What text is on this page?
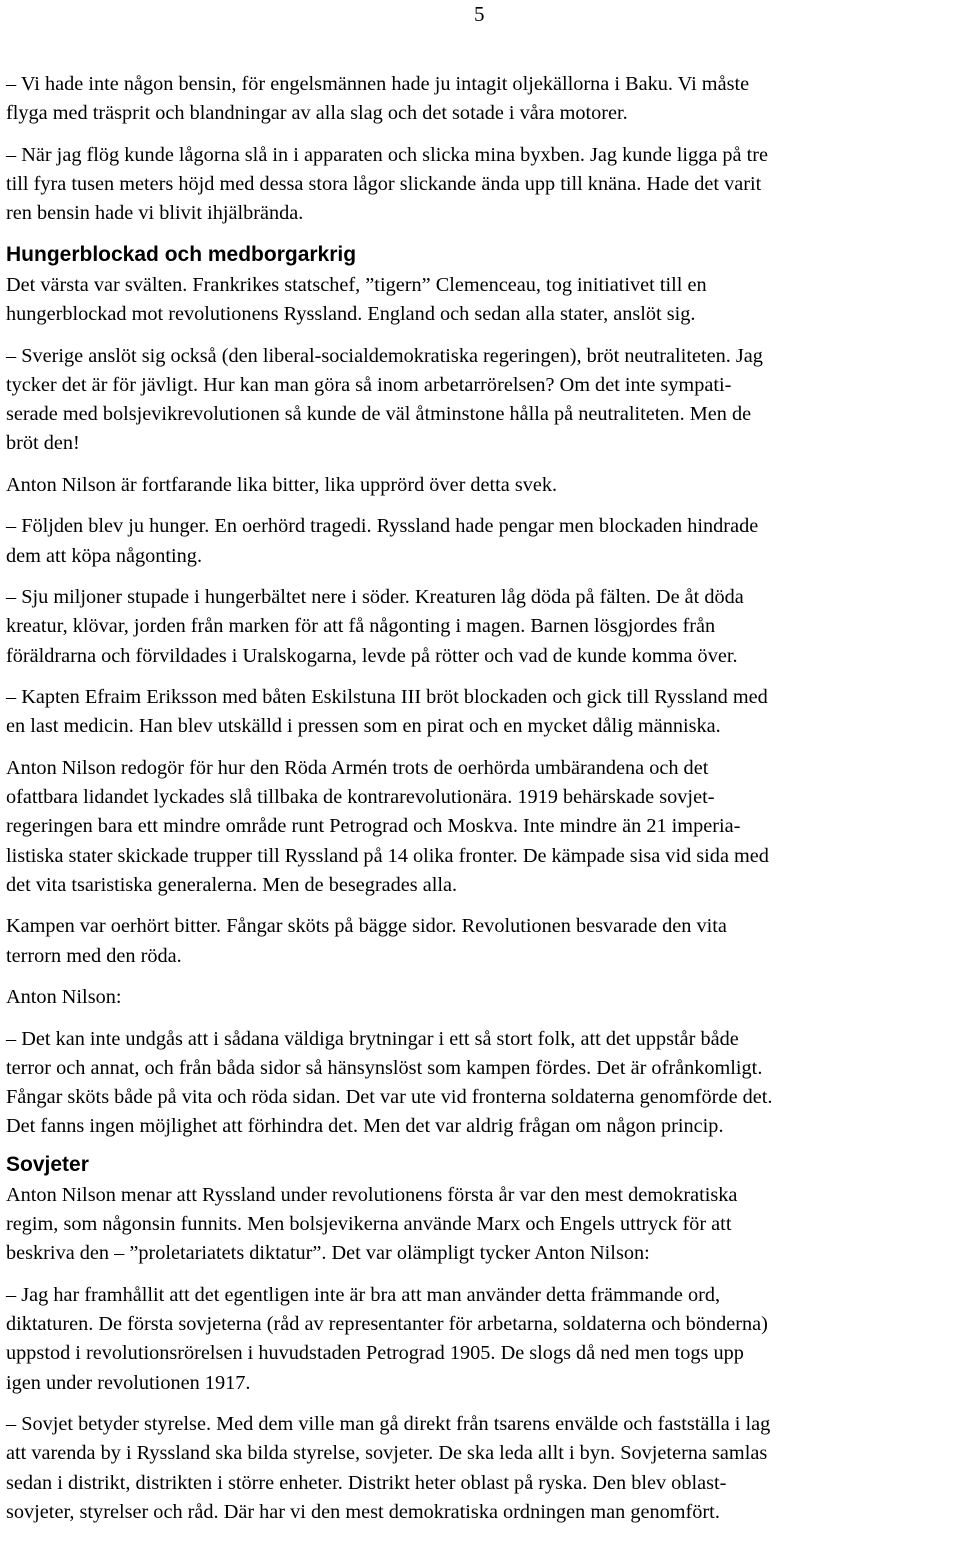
5
– Vi hade inte någon bensin, för engelsmännen hade ju intagit oljekällorna i Baku. Vi måste
flyga med träsprit och blandningar av alla slag och det sotade i våra motorer.
– När jag flög kunde lågorna slå in i apparaten och slicka mina byxben. Jag kunde ligga på tre
till fyra tusen meters höjd med dessa stora lågor slickande ända upp till knäna. Hade det varit
ren bensin hade vi blivit ihjälbrända.
Hungerblockad och medborgarkrig
Det värsta var svälten. Frankrikes statschef, ”tigern” Clemenceau, tog initiativet till en
hungerblockad mot revolutionens Ryssland. England och sedan alla stater, anslöt sig.
– Sverige anslöt sig också (den liberal-socialdemokratiska regeringen), bröt neutraliteten. Jag
tycker det är för jävligt. Hur kan man göra så inom arbetarrörelsen? Om det inte sympati-
serade med bolsjevikrevolutionen så kunde de väl åtminstone hålla på neutraliteten. Men de
bröt den!
Anton Nilson är fortfarande lika bitter, lika upprörd över detta svek.
– Följden blev ju hunger. En oerhörd tragedi. Ryssland hade pengar men blockaden hindrade
dem att köpa någonting.
– Sju miljoner stupade i hungerbältet nere i söder. Kreaturen låg döda på fälten. De åt döda
kreatur, klövar, jorden från marken för att få någonting i magen. Barnen lösgjordes från
föräldrarna och förvildades i Uralskogarna, levde på rötter och vad de kunde komma över.
– Kapten Efraim Eriksson med båten Eskilstuna III bröt blockaden och gick till Ryssland med
en last medicin. Han blev utskälld i pressen som en pirat och en mycket dålig människa.
Anton Nilson redogör för hur den Röda Armén trots de oerhörda umbärandena och det
ofattbara lidandet lyckades slå tillbaka de kontrarevolutionära. 1919 behärskade sovjet-
regeringen bara ett mindre område runt Petrograd och Moskva. Inte mindre än 21 imperia-
listiska stater skickade trupper till Ryssland på 14 olika fronter. De kämpade sisa vid sida med
det vita tsaristiska generalerna. Men de besegrades alla.
Kampen var oerhört bitter. Fångar sköts på bägge sidor. Revolutionen besvarade den vita
terrorn med den röda.
Anton Nilson:
– Det kan inte undgås att i sådana väldiga brytningar i ett så stort folk, att det uppstår både
terror och annat, och från båda sidor så hänsynslöst som kampen fördes. Det är ofrånkomligt.
Fångar sköts både på vita och röda sidan. Det var ute vid fronterna soldaterna genomförde det.
Det fanns ingen möjlighet att förhindra det. Men det var aldrig frågan om någon princip.
Sovjeter
Anton Nilson menar att Ryssland under revolutionens första år var den mest demokratiska
regim, som någonsin funnits. Men bolsjevikerna använde Marx och Engels uttryck för att
beskriva den – ”proletariatets diktatur”. Det var olämpligt tycker Anton Nilson:
– Jag har framhållit att det egentligen inte är bra att man använder detta främmande ord,
diktaturen. De första sovjeterna (råd av representanter för arbetarna, soldaterna och bönderna)
uppstod i revolutionsrörelsen i huvudstaden Petrograd 1905. De slogs då ned men togs upp
igen under revolutionen 1917.
– Sovjet betyder styrelse. Med dem ville man gå direkt från tsarens envälde och fastställa i lag
att varenda by i Ryssland ska bilda styrelse, sovjeter. De ska leda allt i byn. Sovjeterna samlas
sedan i distrikt, distrikten i större enheter. Distrikt heter oblast på ryska. Den blev oblast-
sovjeter, styrelser och råd. Där har vi den mest demokratiska ordningen man genomfört.
